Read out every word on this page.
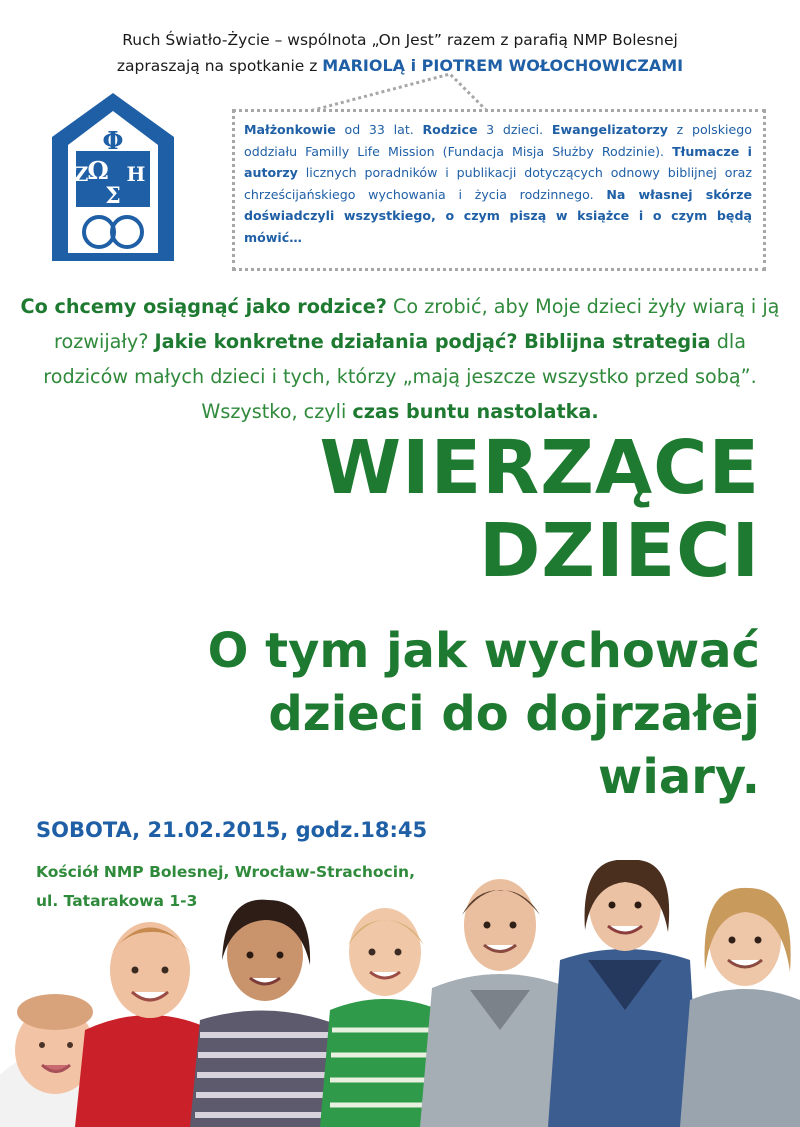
Ruch Światło-Życie – wspólnota „On Jest” razem z parafią NMP Bolesnej
zapraszają na spotkanie z MARIOLĄ i PIOTREM WOŁOCHOWICZAMI
Φ
Ω
Ζ Η
Σ
Małżonkowie od 33 lat. Rodzice 3 dzieci. Ewangelizatorzy z polskiego oddziału Familly Life Mission (Fundacja Misja Służby Rodzinie). Tłumacze i autorzy licznych poradników i publikacji dotyczących odnowy biblijnej oraz chrześcijańskiego wychowania i życia rodzinnego. Na własnej skórze doświadczyli wszystkiego, o czym piszą w książce i o czym będą mówić…
Co chcemy osiągnąć jako rodzice? Co zrobić, aby Moje dzieci żyły wiarą i ją rozwijały? Jakie konkretne działania podjąć? Biblijna strategia dla rodziców małych dzieci i tych, którzy „mają jeszcze wszystko przed sobą”. Wszystko, czyli czas buntu nastolatka.
WIERZĄCE
DZIECI
O tym jak wychować
dzieci do dojrzałej
wiary.
SOBOTA, 21.02.2015, godz.18:45
Kościół NMP Bolesnej, Wrocław-Strachocin,
ul. Tatarakowa 1-3
